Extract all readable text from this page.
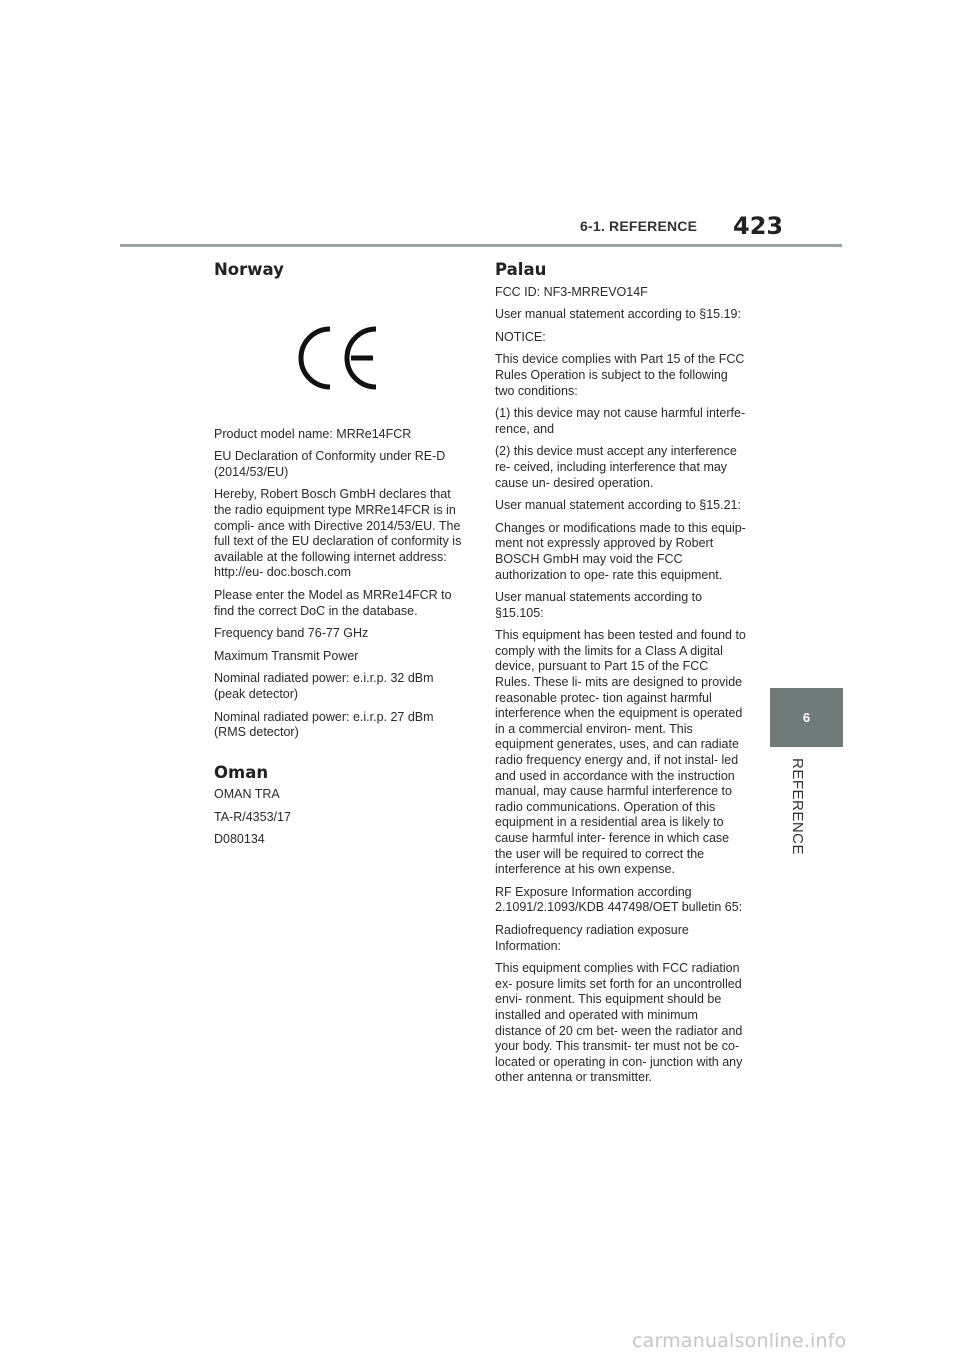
6-1. REFERENCE 423
Norway

Product model name: MRRe14FCR

EU Declaration of Conformity under RE-D (2014/53/EU)

Hereby, Robert Bosch GmbH declares that the radio equipment type MRRe14FCR is in compli- ance with Directive 2014/53/EU. The full text of the EU declaration of conformity is available at the following internet address: http://eu- doc.bosch.com

Please enter the Model as MRRe14FCR to find the correct DoC in the database.

Frequency band 76-77 GHz

Maximum Transmit Power

Nominal radiated power: e.i.r.p. 32 dBm (peak detector)

Nominal radiated power: e.i.r.p. 27 dBm (RMS detector)

Oman

OMAN TRA

TA-R/4353/17

D080134

Palau

FCC ID: NF3-MRREVO14F

User manual statement according to §15.19:

NOTICE:

This device complies with Part 15 of the FCC Rules Operation is subject to the following two conditions:

(1) this device may not cause harmful interfe- rence, and

(2) this device must accept any interference re- ceived, including interference that may cause un- desired operation.

User manual statement according to §15.21:

Changes or modifications made to this equip- ment not expressly approved by Robert BOSCH GmbH may void the FCC authorization to ope- rate this equipment.

User manual statements according to §15.105:

This equipment has been tested and found to comply with the limits for a Class A digital device, pursuant to Part 15 of the FCC Rules. These li- mits are designed to provide reasonable protec- tion against harmful interference when the equipment is operated in a commercial environ- ment. This equipment generates, uses, and can radiate radio frequency energy and, if not instal- led and used in accordance with the instruction manual, may cause harmful interference to radio communications. Operation of this equipment in a residential area is likely to cause harmful inter- ference in which case the user will be required to correct the interference at his own expense.

RF Exposure Information according 2.1091/2.1093/KDB 447498/OET bulletin 65:

Radiofrequency radiation exposure Information:

This equipment complies with FCC radiation ex- posure limits set forth for an uncontrolled envi- ronment. This equipment should be installed and operated with minimum distance of 20 cm bet- ween the radiator and your body. This transmit- ter must not be co-located or operating in con- junction with any other antenna or transmitter.

6
REFERENCE
carmanualsonline.info
